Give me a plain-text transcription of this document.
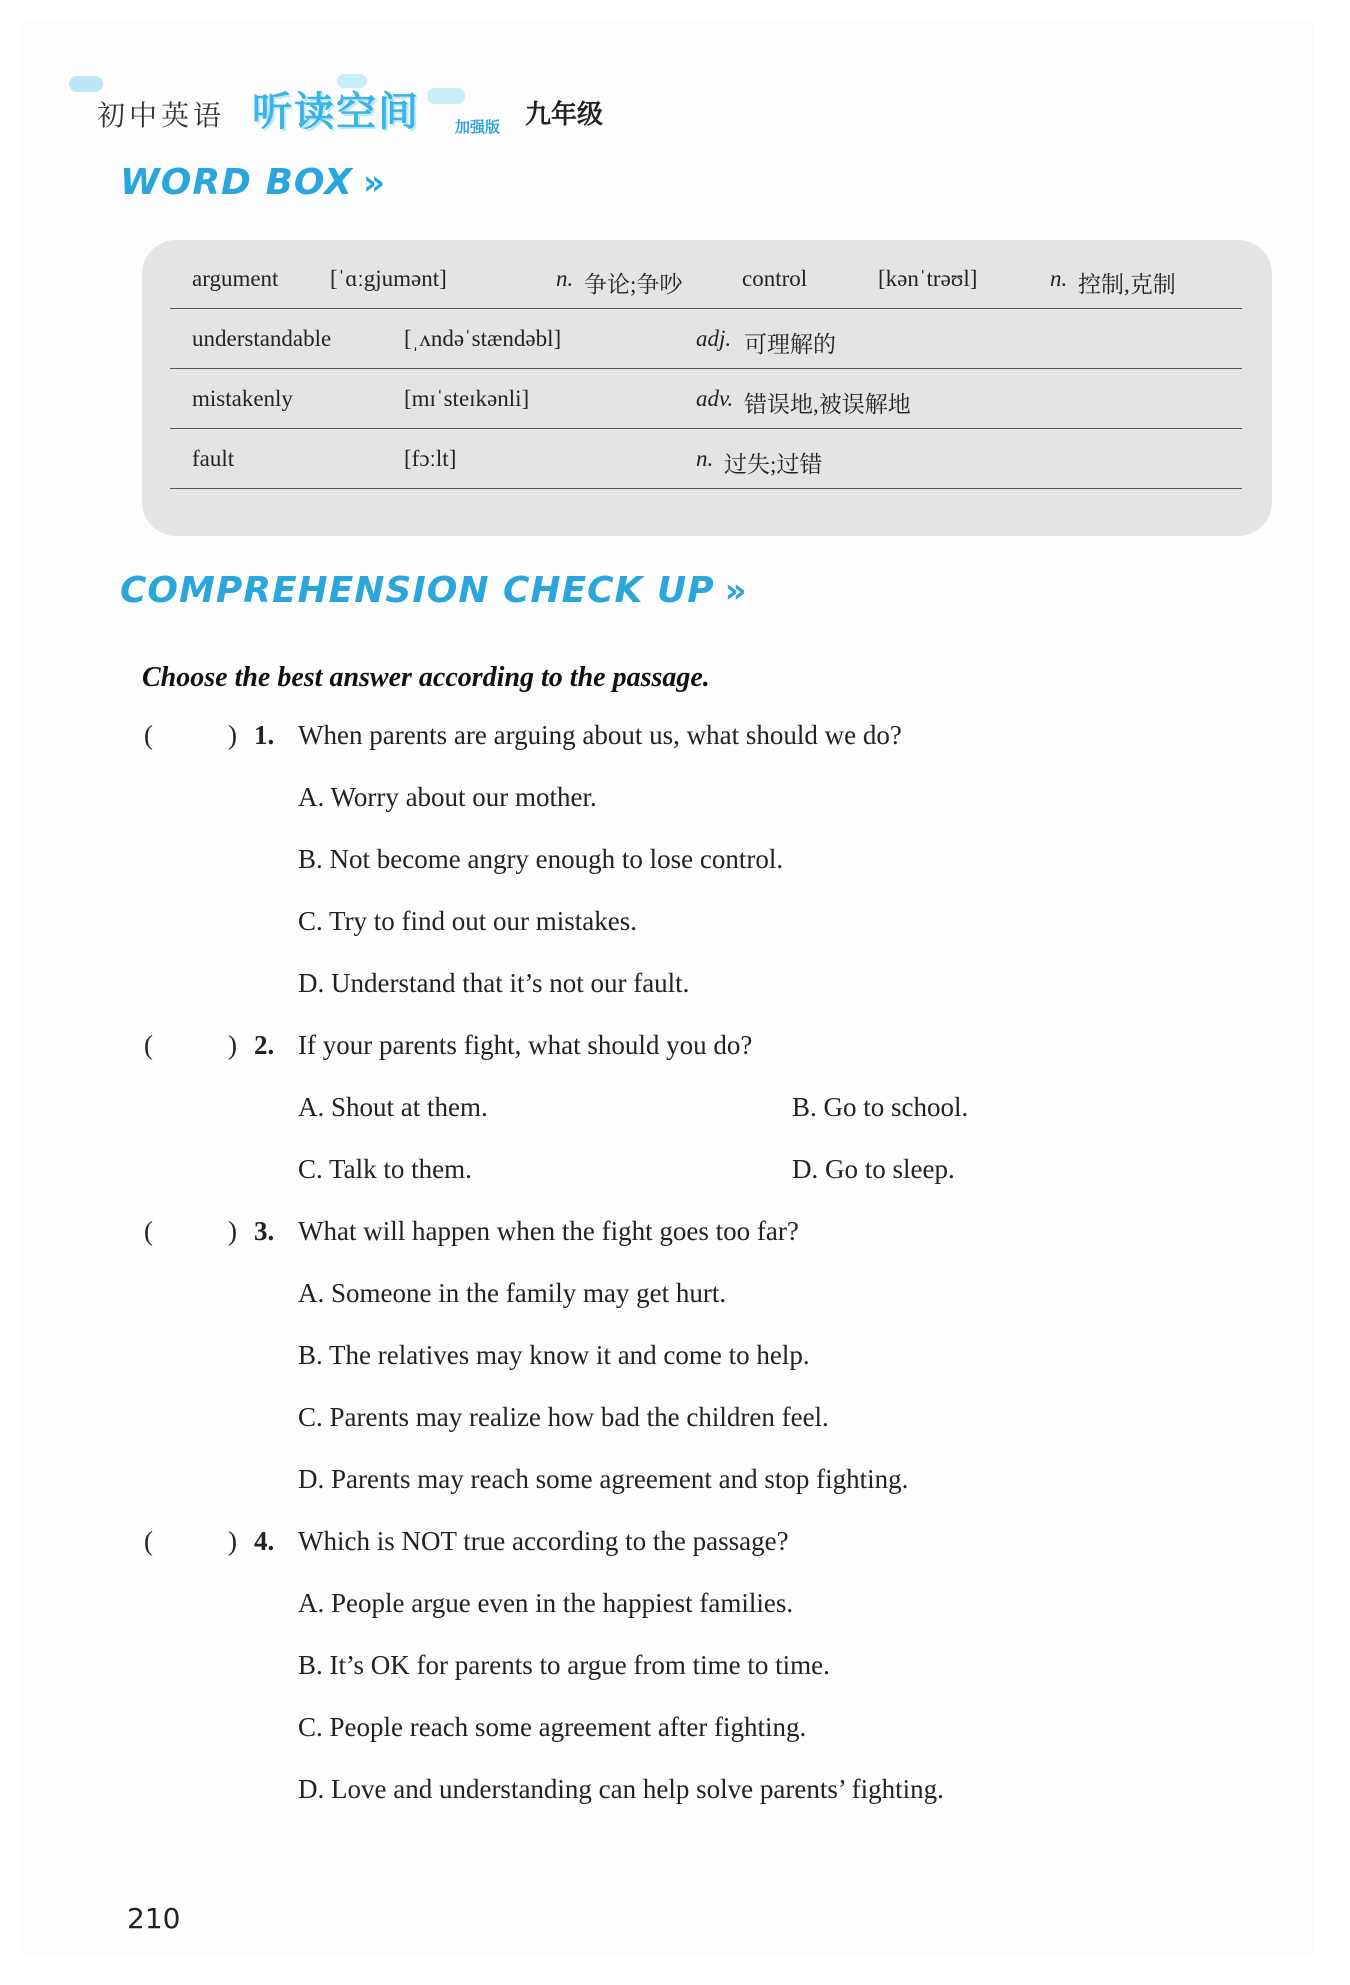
初中英语 听读空间 加强版 九年级
WORD BOX »
argument [ˈɑːgjumənt]	n. 争论;争吵	control	[kənˈtrəʊl]	n. 控制,克制
understandable	[ˌʌndəˈstændəbl]	adj. 可理解的
mistakenly	[mɪˈsteɪkənli]	adv. 错误地,被误解地
fault	[fɔːlt]	n. 过失;过错
COMPREHENSION CHECK UP »
Choose the best answer according to the passage.
(	) 1. When parents are arguing about us, what should we do?
A. Worry about our mother.
B. Not become angry enough to lose control.
C. Try to find out our mistakes.
D. Understand that it’s not our fault.
(	) 2. If your parents fight, what should you do?
A. Shout at them.	B. Go to school.
C. Talk to them.	D. Go to sleep.
(	) 3. What will happen when the fight goes too far?
A. Someone in the family may get hurt.
B. The relatives may know it and come to help.
C. Parents may realize how bad the children feel.
D. Parents may reach some agreement and stop fighting.
(	) 4. Which is NOT true according to the passage?
A. People argue even in the happiest families.
B. It’s OK for parents to argue from time to time.
C. People reach some agreement after fighting.
D. Love and understanding can help solve parents’ fighting.
210
